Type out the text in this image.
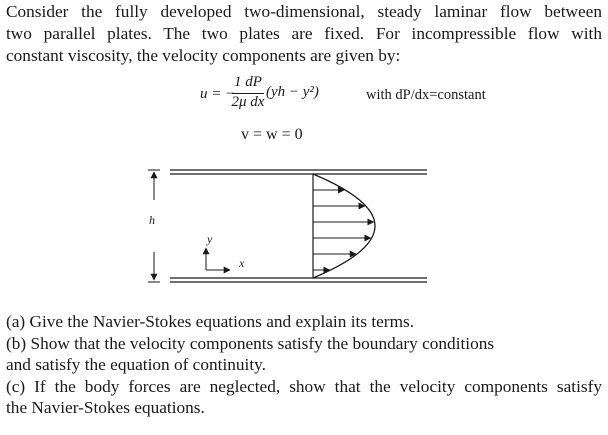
Consider the fully developed two-dimensional, steady laminar flow between
two parallel plates. The two plates are fixed. For incompressible flow with
constant viscosity, the velocity components are given by:
u = −
1 dP
2μ dx
(yh − y²)	with dP/dx=constant
v = w = 0
h
y
x
(a) Give the Navier-Stokes equations and explain its terms.
(b) Show that the velocity components satisfy the boundary conditions
and satisfy the equation of continuity.
(c) If the body forces are neglected, show that the velocity components satisfy
the Navier-Stokes equations.
